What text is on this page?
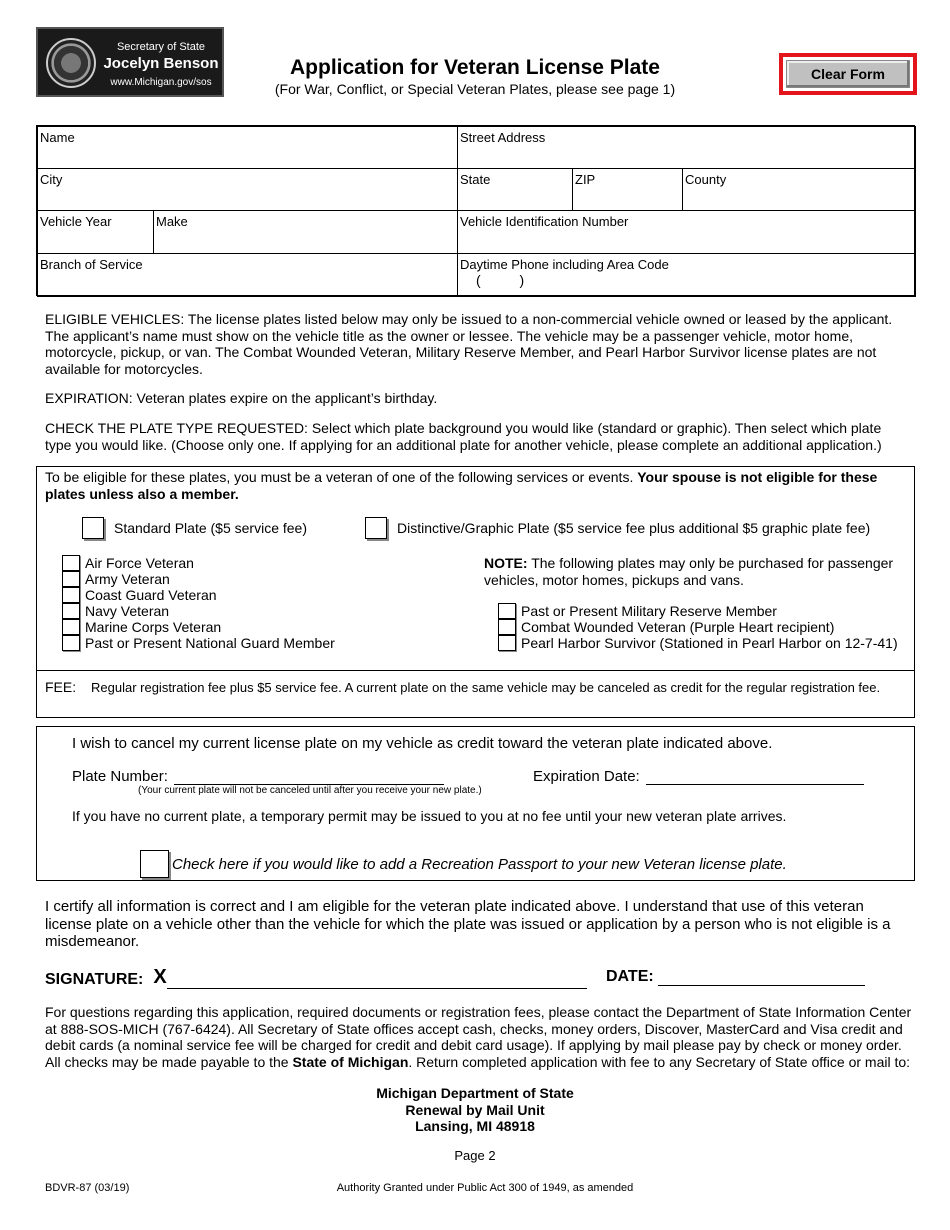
Secretary of State
Jocelyn Benson
www.Michigan.gov/sos
Application for Veteran License Plate
(For War, Conflict, or Special Veteran Plates, please see page 1)
Clear Form
Name	Street Address
City	State	ZIP	County
Vehicle Year	Make	Vehicle Identification Number
Branch of Service	Daytime Phone including Area Code
(          )
ELIGIBLE VEHICLES: The license plates listed below may only be issued to a non-commercial vehicle owned or leased by the applicant. The applicant’s name must show on the vehicle title as the owner or lessee. The vehicle may be a passenger vehicle, motor home, motorcycle, pickup, or van. The Combat Wounded Veteran, Military Reserve Member, and Pearl Harbor Survivor license plates are not available for motorcycles.
EXPIRATION: Veteran plates expire on the applicant’s birthday.
CHECK THE PLATE TYPE REQUESTED: Select which plate background you would like (standard or graphic). Then select which plate type you would like. (Choose only one. If applying for an additional plate for another vehicle, please complete an additional application.)
To be eligible for these plates, you must be a veteran of one of the following services or events. Your spouse is not eligible for these plates unless also a member.
Standard Plate ($5 service fee)	Distinctive/Graphic Plate ($5 service fee plus additional $5 graphic plate fee)
Air Force Veteran
Army Veteran
Coast Guard Veteran
Navy Veteran
Marine Corps Veteran
Past or Present National Guard Member
NOTE: The following plates may only be purchased for passenger vehicles, motor homes, pickups and vans.
Past or Present Military Reserve Member
Combat Wounded Veteran (Purple Heart recipient)
Pearl Harbor Survivor (Stationed in Pearl Harbor on 12-7-41)
FEE: Regular registration fee plus $5 service fee. A current plate on the same vehicle may be canceled as credit for the regular registration fee.
I wish to cancel my current license plate on my vehicle as credit toward the veteran plate indicated above.
Plate Number:
(Your current plate will not be canceled until after you receive your new plate.)
Expiration Date:
If you have no current plate, a temporary permit may be issued to you at no fee until your new veteran plate arrives.
Check here if you would like to add a Recreation Passport to your new Veteran license plate.
I certify all information is correct and I am eligible for the veteran plate indicated above. I understand that use of this veteran license plate on a vehicle other than the vehicle for which the plate was issued or application by a person who is not eligible is a misdemeanor.
SIGNATURE: X	DATE:
For questions regarding this application, required documents or registration fees, please contact the Department of State Information Center at 888-SOS-MICH (767-6424). All Secretary of State offices accept cash, checks, money orders, Discover, MasterCard and Visa credit and debit cards (a nominal service fee will be charged for credit and debit card usage). If applying by mail please pay by check or money order. All checks may be made payable to the State of Michigan. Return completed application with fee to any Secretary of State office or mail to:
Michigan Department of State
Renewal by Mail Unit
Lansing, MI 48918
Page 2
BDVR-87 (03/19)	Authority Granted under Public Act 300 of 1949, as amended
